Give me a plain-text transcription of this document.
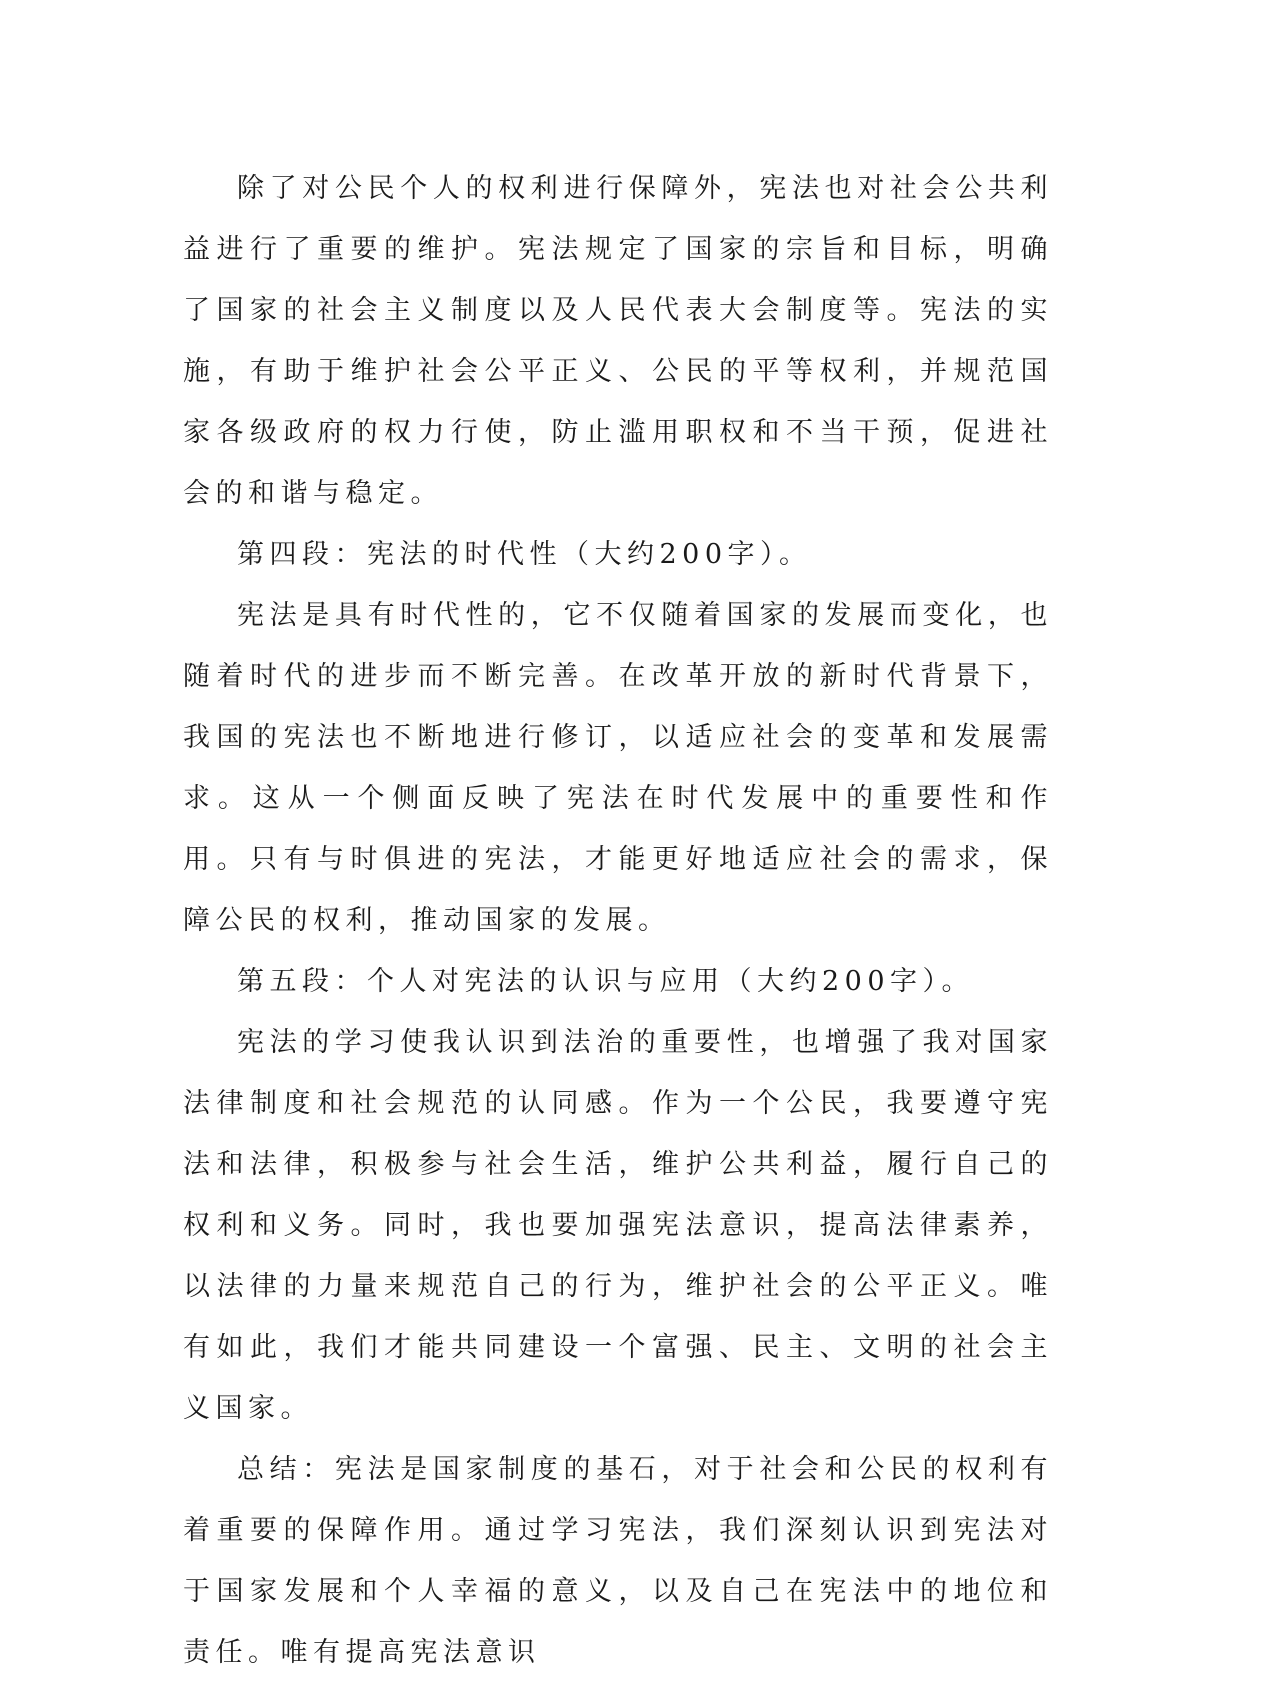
除了对公民个人的权利进行保障外，宪法也对社会公共利益进行了重要的维护。宪法规定了国家的宗旨和目标，明确了国家的社会主义制度以及人民代表大会制度等。宪法的实施，有助于维护社会公平正义、公民的平等权利，并规范国家各级政府的权力行使，防止滥用职权和不当干预，促进社会的和谐与稳定。

第四段：宪法的时代性（大约200字）。

宪法是具有时代性的，它不仅随着国家的发展而变化，也随着时代的进步而不断完善。在改革开放的新时代背景下，我国的宪法也不断地进行修订，以适应社会的变革和发展需求。这从一个侧面反映了宪法在时代发展中的重要性和作用。只有与时俱进的宪法，才能更好地适应社会的需求，保障公民的权利，推动国家的发展。

第五段：个人对宪法的认识与应用（大约200字）。

宪法的学习使我认识到法治的重要性，也增强了我对国家法律制度和社会规范的认同感。作为一个公民，我要遵守宪法和法律，积极参与社会生活，维护公共利益，履行自己的权利和义务。同时，我也要加强宪法意识，提高法律素养，以法律的力量来规范自己的行为，维护社会的公平正义。唯有如此，我们才能共同建设一个富强、民主、文明的社会主义国家。

总结：宪法是国家制度的基石，对于社会和公民的权利有着重要的保障作用。通过学习宪法，我们深刻认识到宪法对于国家发展和个人幸福的意义，以及自己在宪法中的地位和责任。唯有提高宪法意识
